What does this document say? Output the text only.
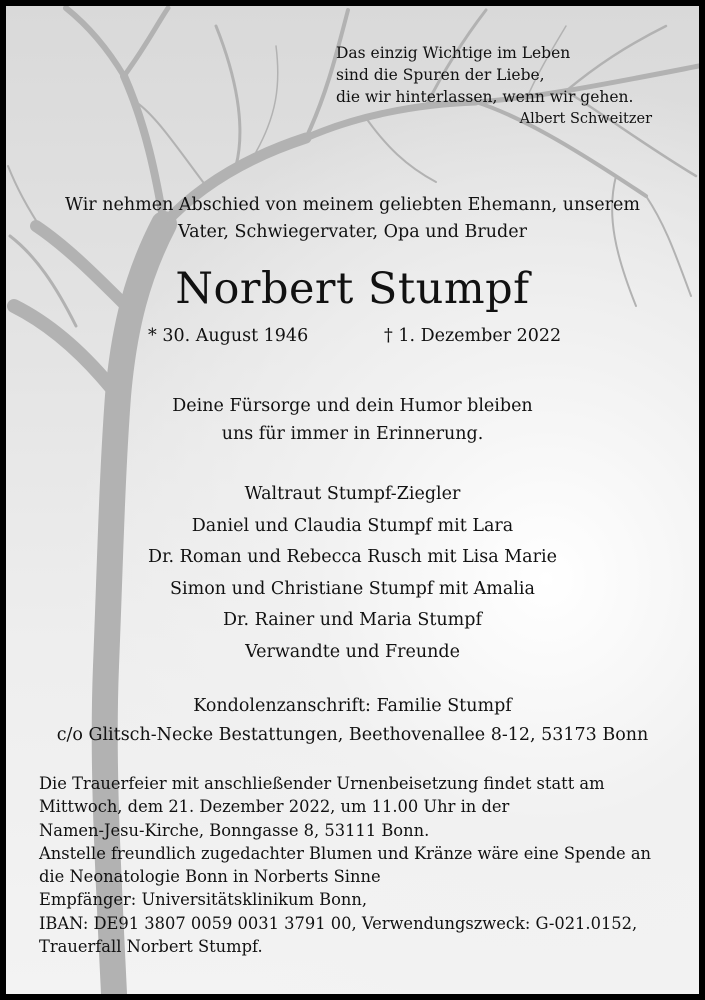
Das einzig Wichtige im Leben
sind die Spuren der Liebe,
die wir hinterlassen, wenn wir gehen.
Albert Schweitzer
Wir nehmen Abschied von meinem geliebten Ehemann, unserem
Vater, Schwiegervater, Opa und Bruder
Norbert Stumpf
* 30. August 1946	† 1. Dezember 2022
Deine Fürsorge und dein Humor bleiben
uns für immer in Erinnerung.
Waltraut Stumpf-Ziegler
Daniel und Claudia Stumpf mit Lara
Dr. Roman und Rebecca Rusch mit Lisa Marie
Simon und Christiane Stumpf mit Amalia
Dr. Rainer und Maria Stumpf
Verwandte und Freunde
Kondolenzanschrift: Familie Stumpf
c/o Glitsch-Necke Bestattungen, Beethovenallee 8-12, 53173 Bonn
Die Trauerfeier mit anschließender Urnenbeisetzung findet statt am
Mittwoch, dem 21. Dezember 2022, um 11.00 Uhr in der
Namen-Jesu-Kirche, Bonngasse 8, 53111 Bonn.
Anstelle freundlich zugedachter Blumen und Kränze wäre eine Spende an
die Neonatologie Bonn in Norberts Sinne
Empfänger: Universitätsklinikum Bonn,
IBAN: DE91 3807 0059 0031 3791 00, Verwendungszweck: G-021.0152,
Trauerfall Norbert Stumpf.
